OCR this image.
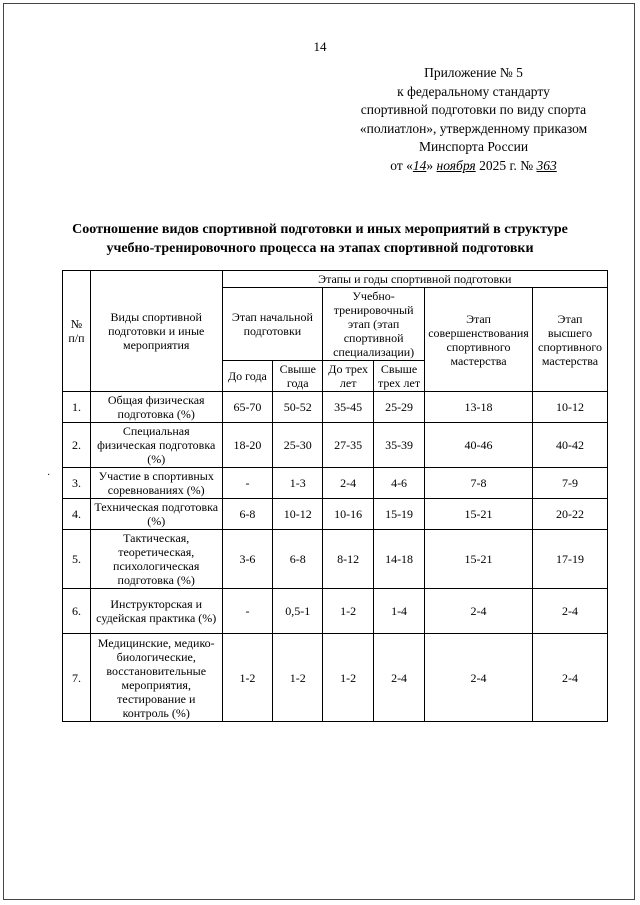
14
Приложение № 5
к федеральному стандарту
спортивной подготовки по виду спорта
«полиатлон», утвержденному приказом
Минспорта России
от «14» ноября 2025 г. № 363
Соотношение видов спортивной подготовки и иных мероприятий в структуре
учебно-тренировочного процесса на этапах спортивной подготовки
·
№ п/п	Виды спортивной подготовки и иные мероприятия	Этапы и годы спортивной подготовки					
		Этап начальной подготовки		Учебно-тренировочный этап (этап спортивной специализации)		Этап совершенствования спортивного мастерства	Этап высшего спортивного мастерства
		До года	Свыше года	До трех лет	Свыше трех лет		
1.	Общая физическая подготовка (%)	65-70	50-52	35-45	25-29	13-18	10-12
2.	Специальная физическая подготовка (%)	18-20	25-30	27-35	35-39	40-46	40-42
3.	Участие в спортивных соревнованиях (%)	-	1-3	2-4	4-6	7-8	7-9
4.	Техническая подготовка (%)	6-8	10-12	10-16	15-19	15-21	20-22
5.	Тактическая, теоретическая, психологическая подготовка (%)	3-6	6-8	8-12	14-18	15-21	17-19
6.	Инструкторская и судейская практика (%)	-	0,5-1	1-2	1-4	2-4	2-4
7.	Медицинские, медико-биологические, восстановительные мероприятия, тестирование и контроль (%)	1-2	1-2	1-2	2-4	2-4	2-4
